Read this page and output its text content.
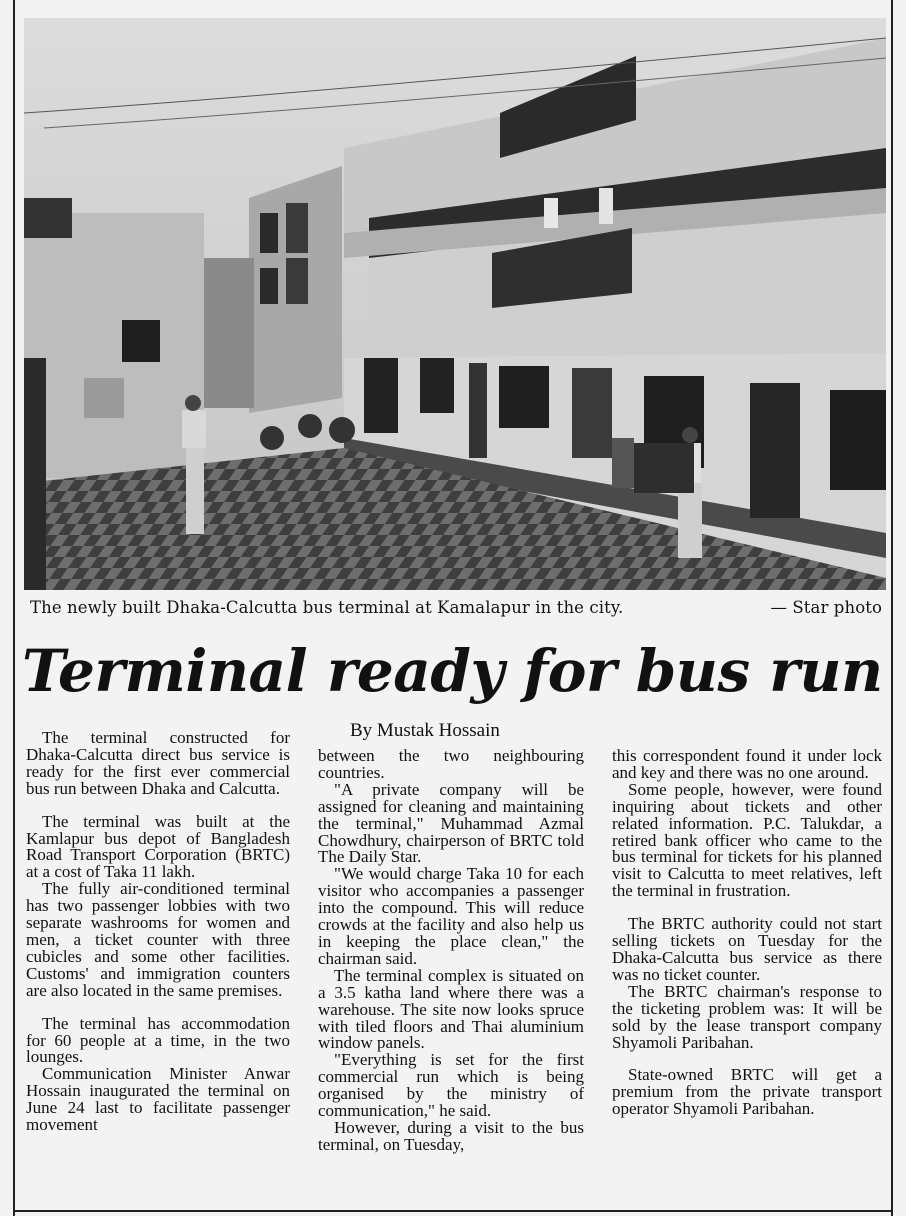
The newly built Dhaka-Calcutta bus terminal at Kamalapur in the city.	— Star photo
Terminal ready for bus run
By Mustak Hossain

The terminal constructed for Dhaka-Calcutta direct bus service is ready for the first ever commercial bus run between Dhaka and Calcutta.

The terminal was built at the Kamlapur bus depot of Bangladesh Road Transport Corporation (BRTC) at a cost of Taka 11 lakh.

The fully air-conditioned terminal has two passenger lobbies with two separate washrooms for women and men, a ticket counter with three cubicles and some other facilities. Customs' and immigration counters are also located in the same premises.

The terminal has accommodation for 60 people at a time, in the two lounges.

Communication Minister Anwar Hossain inaugurated the terminal on June 24 last to facilitate passenger movement

between the two neighbouring countries.

"A private company will be assigned for cleaning and maintaining the terminal," Muhammad Azmal Chowdhury, chairperson of BRTC told The Daily Star.

"We would charge Taka 10 for each visitor who accompanies a passenger into the compound. This will reduce crowds at the facility and also help us in keeping the place clean," the chairman said.

The terminal complex is situated on a 3.5 katha land where there was a warehouse. The site now looks spruce with tiled floors and Thai aluminium window panels.

"Everything is set for the first commercial run which is being organised by the ministry of communication," he said.

However, during a visit to the bus terminal, on Tuesday,

this correspondent found it under lock and key and there was no one around.

Some people, however, were found inquiring about tickets and other related information. P.C. Talukdar, a retired bank officer who came to the bus terminal for tickets for his planned visit to Calcutta to meet relatives, left the terminal in frustration.

The BRTC authority could not start selling tickets on Tuesday for the Dhaka-Calcutta bus service as there was no ticket counter.

The BRTC chairman's response to the ticketing problem was: It will be sold by the lease transport company Shyamoli Paribahan.

State-owned BRTC will get a premium from the private transport operator Shyamoli Paribahan.
